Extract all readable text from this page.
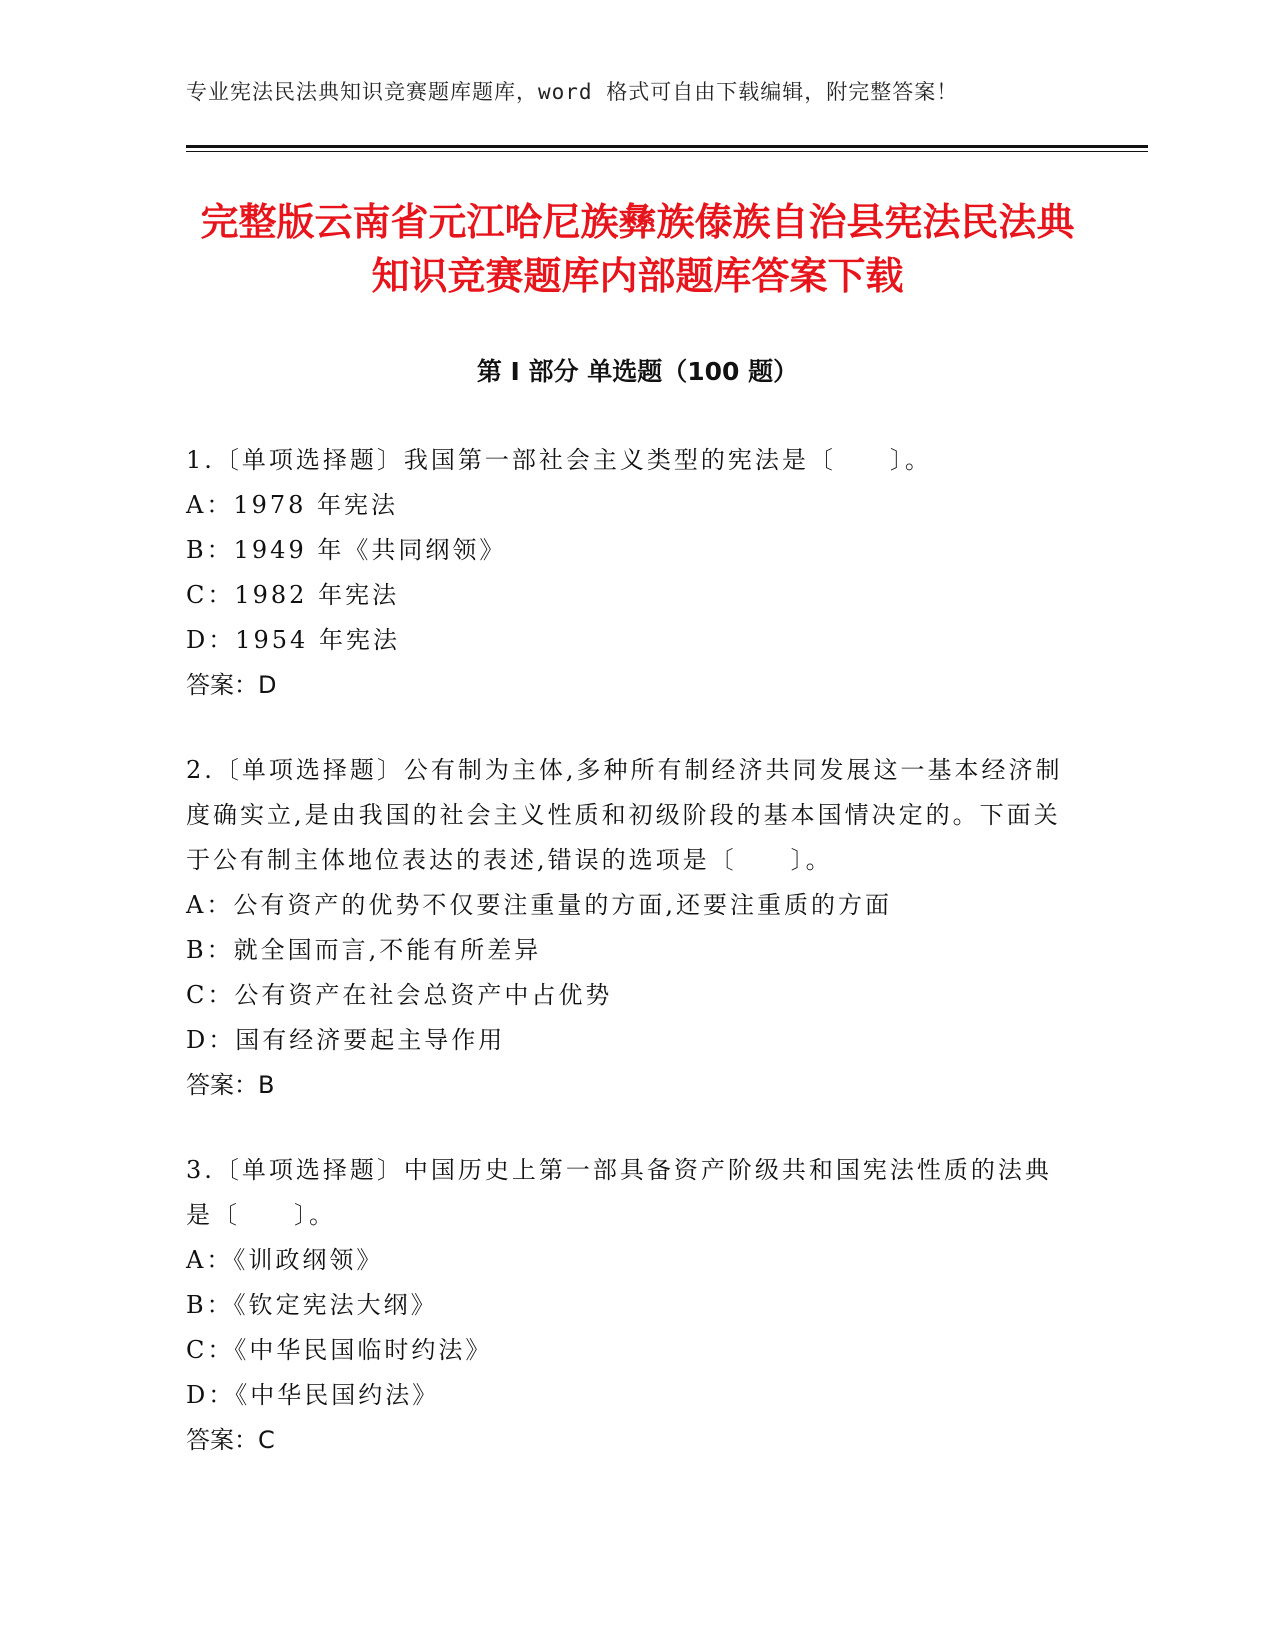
专业宪法民法典知识竞赛题库题库，word 格式可自由下载编辑，附完整答案！
完整版云南省元江哈尼族彝族傣族自治县宪法民法典知识竞赛题库内部题库答案下载
第 I 部分 单选题（100 题）

1.〔单项选择题〕我国第一部社会主义类型的宪法是〔　　〕。

A：1978 年宪法
B：1949 年《共同纲领》
C：1982 年宪法
D：1954 年宪法
答案：D

2.〔单项选择题〕公有制为主体,多种所有制经济共同发展这一基本经济制度确实立,是由我国的社会主义性质和初级阶段的基本国情决定的。下面关于公有制主体地位表达的表述,错误的选项是〔　　〕。

A：公有资产的优势不仅要注重量的方面,还要注重质的方面
B：就全国而言,不能有所差异
C：公有资产在社会总资产中占优势
D：国有经济要起主导作用
答案：B

3.〔单项选择题〕中国历史上第一部具备资产阶级共和国宪法性质的法典是〔　　〕。

A：《训政纲领》
B：《钦定宪法大纲》
C：《中华民国临时约法》
D：《中华民国约法》
答案：C
